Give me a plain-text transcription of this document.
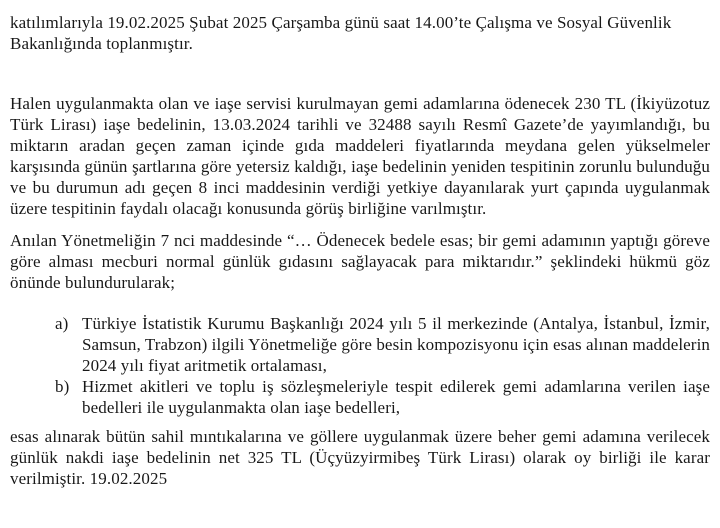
katılımlarıyla 19.02.2025 Şubat 2025 Çarşamba günü saat 14.00’te Çalışma ve Sosyal Güvenlik Bakanlığında toplanmıştır.

Halen uygulanmakta olan ve iaşe servisi kurulmayan gemi adamlarına ödenecek 230 TL (İkiyüzotuz Türk Lirası) iaşe bedelinin, 13.03.2024 tarihli ve 32488 sayılı Resmî Gazete’de yayımlandığı, bu miktarın aradan geçen zaman içinde gıda maddeleri fiyatlarında meydana gelen yükselmeler karşısında günün şartlarına göre yetersiz kaldığı, iaşe bedelinin yeniden tespitinin zorunlu bulunduğu ve bu durumun adı geçen 8 inci maddesinin verdiği yetkiye dayanılarak yurt çapında uygulanmak üzere tespitinin faydalı olacağı konusunda görüş birliğine varılmıştır.

Anılan Yönetmeliğin 7 nci maddesinde “… Ödenecek bedele esas; bir gemi adamının yaptığı göreve göre alması mecburi normal günlük gıdasını sağlayacak para miktarıdır.” şeklindeki hükmü göz önünde bulundurularak;

a) Türkiye İstatistik Kurumu Başkanlığı 2024 yılı 5 il merkezinde (Antalya, İstanbul, İzmir, Samsun, Trabzon) ilgili Yönetmeliğe göre besin kompozisyonu için esas alınan maddelerin 2024 yılı fiyat aritmetik ortalaması,
b) Hizmet akitleri ve toplu iş sözleşmeleriyle tespit edilerek gemi adamlarına verilen iaşe bedelleri ile uygulanmakta olan iaşe bedelleri,

esas alınarak bütün sahil mıntıkalarına ve göllere uygulanmak üzere beher gemi adamına verilecek günlük nakdi iaşe bedelinin net 325 TL (Üçyüzyirmibeş Türk Lirası) olarak oy birliği ile karar verilmiştir. 19.02.2025
